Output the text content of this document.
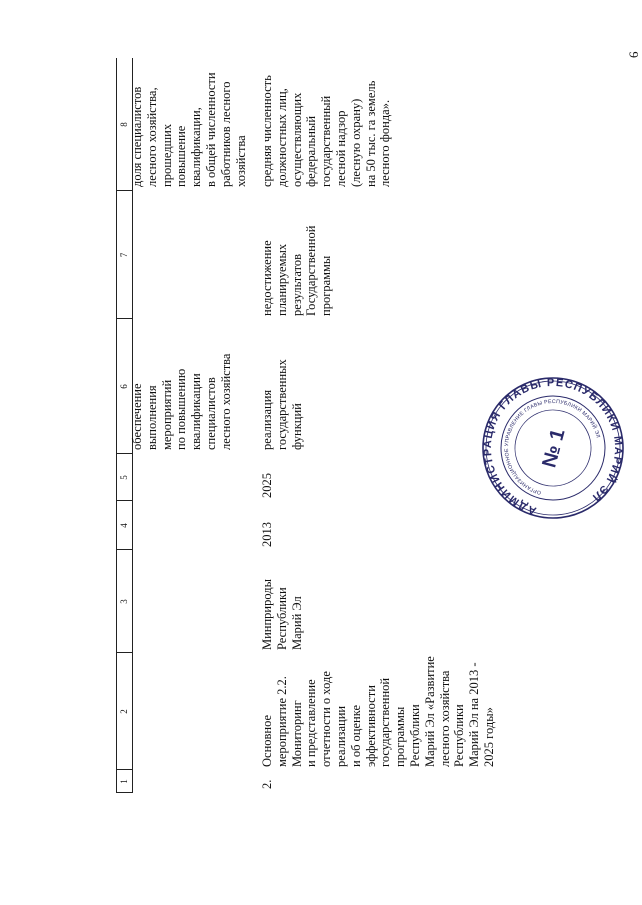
6
1
2
3
4
5
6
7
8
обеспечение
выполнения
мероприятий
по повышению
квалификации
специалистов
лесного хозяйства
доля специалистов
лесного хозяйства,
прошедших
повышение
квалификации,
в общей численности
работников лесного
хозяйства
2.
Основное
мероприятие 2.2.
Мониторинг
и представление
отчетности о ходе
реализации
и об оценке
эффективности
государственной
программы
Республики
Марий Эл «Развитие
лесного хозяйства
Республики
Марий Эл на 2013 -
2025 годы»
Минприроды
Республики
Марий Эл
2013
2025
реализация
государственных
функций
недостижение
планируемых
результатов
Государственной
программы
средняя численность
должностных лиц,
осуществляющих
федеральный
государственный
лесной надзор
(лесную охрану)
на 50 тыс. га земель
лесного фонда».
АДМИНИСТРАЦИЯ ГЛАВЫ РЕСПУБЛИКИ МАРИЙ ЭЛ
ОРГАНИЗАЦИОННОЕ УПРАВЛЕНИЕ ГЛАВЫ РЕСПУБЛИКИ МАРИЙ ЭЛ
№ 1
